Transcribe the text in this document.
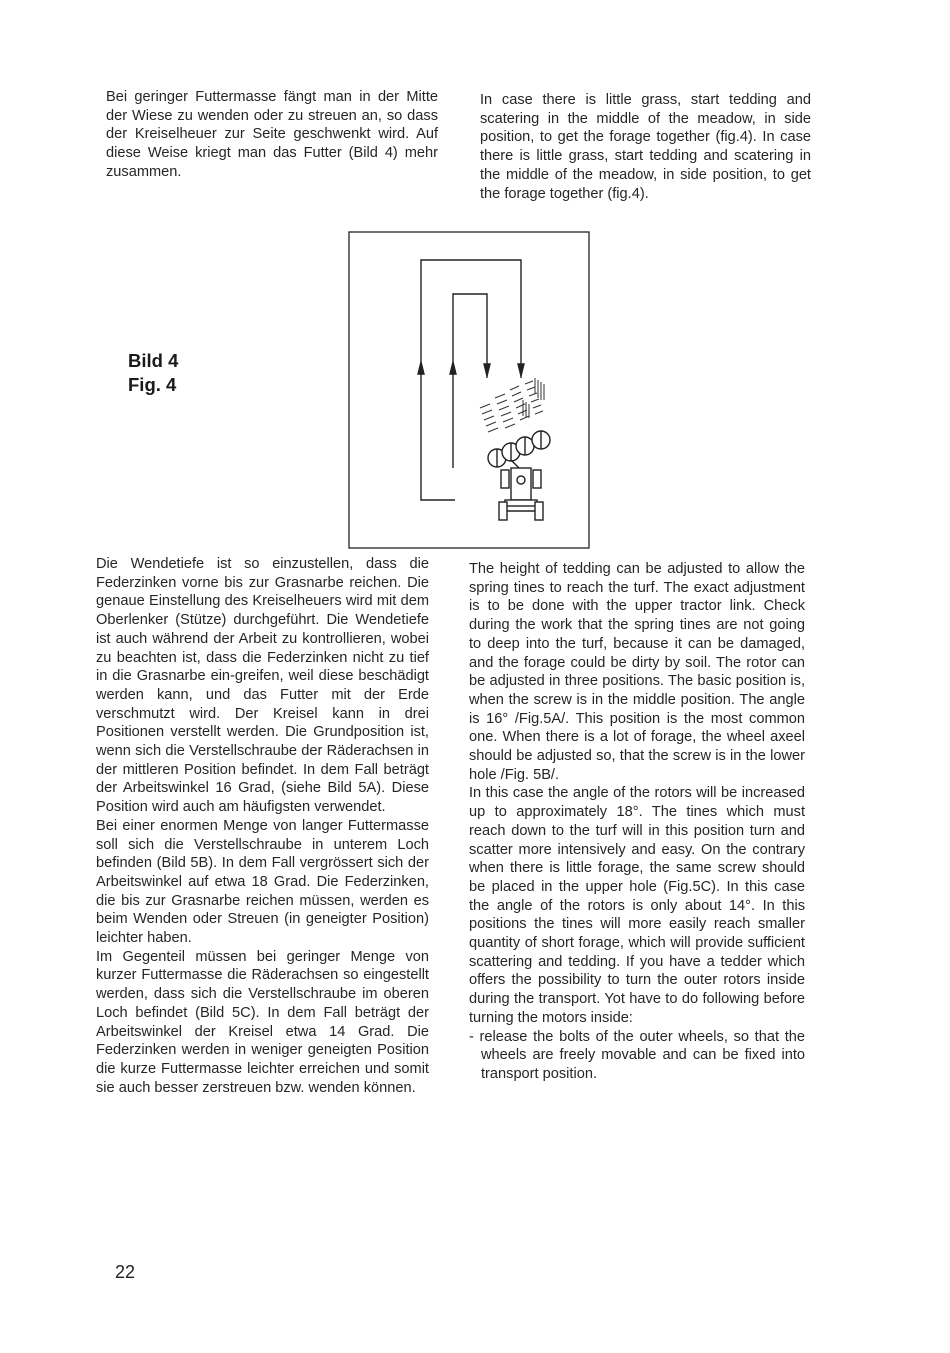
Bei geringer Futtermasse fängt man in der Mitte der Wiese zu wenden oder zu streuen an, so dass der Kreiselheuer zur Seite geschwenkt wird. Auf diese Weise kriegt man das Futter (Bild 4) mehr zusammen.

In case there is little grass, start tedding and scatering in the middle of the meadow, in side position, to get the forage together (fig.4). In case there is little grass, start tedding and scatering in the middle of the meadow, in side position, to get the forage together (fig.4).

Bild 4
Fig. 4

Die Wendetiefe ist so einzustellen, dass die Federzinken vorne bis zur Grasnarbe reichen. Die genaue Einstellung des Kreiselheuers wird mit dem Oberlenker (Stütze) durchgeführt. Die Wendetiefe ist auch während der Arbeit zu kontrollieren, wobei zu beachten ist, dass die Federzinken nicht zu tief in die Grasnarbe ein-greifen, weil diese beschädigt werden kann, und das Futter mit der Erde verschmutzt wird. Der Kreisel kann in drei Positionen verstellt werden. Die Grundposition ist, wenn sich die Verstellschraube der Räderachsen in der mittleren Position befindet. In dem Fall beträgt der Arbeitswinkel 16 Grad, (siehe Bild 5A). Diese Position wird auch am häufigsten verwendet.

Bei einer enormen Menge von langer Futtermasse soll sich die Verstellschraube in unterem Loch befinden (Bild 5B). In dem Fall vergrössert sich der Arbeitswinkel auf etwa 18 Grad. Die Federzinken, die bis zur Grasnarbe reichen müssen, werden es beim Wenden oder Streuen (in geneigter Position) leichter haben.

Im Gegenteil müssen bei geringer Menge von kurzer Futtermasse die Räderachsen so eingestellt werden, dass sich die Verstellschraube im oberen Loch befindet (Bild 5C). In dem Fall beträgt der Arbeitswinkel der Kreisel etwa 14 Grad. Die Federzinken werden in weniger geneigten Position die kurze Futtermasse leichter erreichen und somit sie auch besser zerstreuen bzw. wenden können.

The height of tedding can be adjusted to allow the spring tines to reach the turf. The exact adjustment is to be done with the upper tractor link. Check during the work that the spring tines are not going to deep into the turf, because it can be damaged, and the forage could be dirty by soil. The rotor can be adjusted in three positions. The basic position is, when the screw is in the middle position. The angle is 16° /Fig.5A/. This position is the most common one. When there is a lot of forage, the wheel axeel should be adjusted so, that the screw is in the lower hole /Fig. 5B/.

In this case the angle of the rotors will be increased up to approximately 18°. The tines which must reach down to the turf will in this position turn and scatter more intensively and easy. On the contrary when there is little forage, the same screw should be placed in the upper hole (Fig.5C). In this case the angle of the rotors is only about 14°. In this positions the tines will more easily reach smaller quantity of short forage, which will provide sufficient scattering and tedding. If you have a tedder which offers the possibility to turn the outer rotors inside during the transport. Yot have to do following before turning the motors inside:

- release the bolts of the outer wheels, so that the wheels are freely movable and can be fixed into transport position.

22
